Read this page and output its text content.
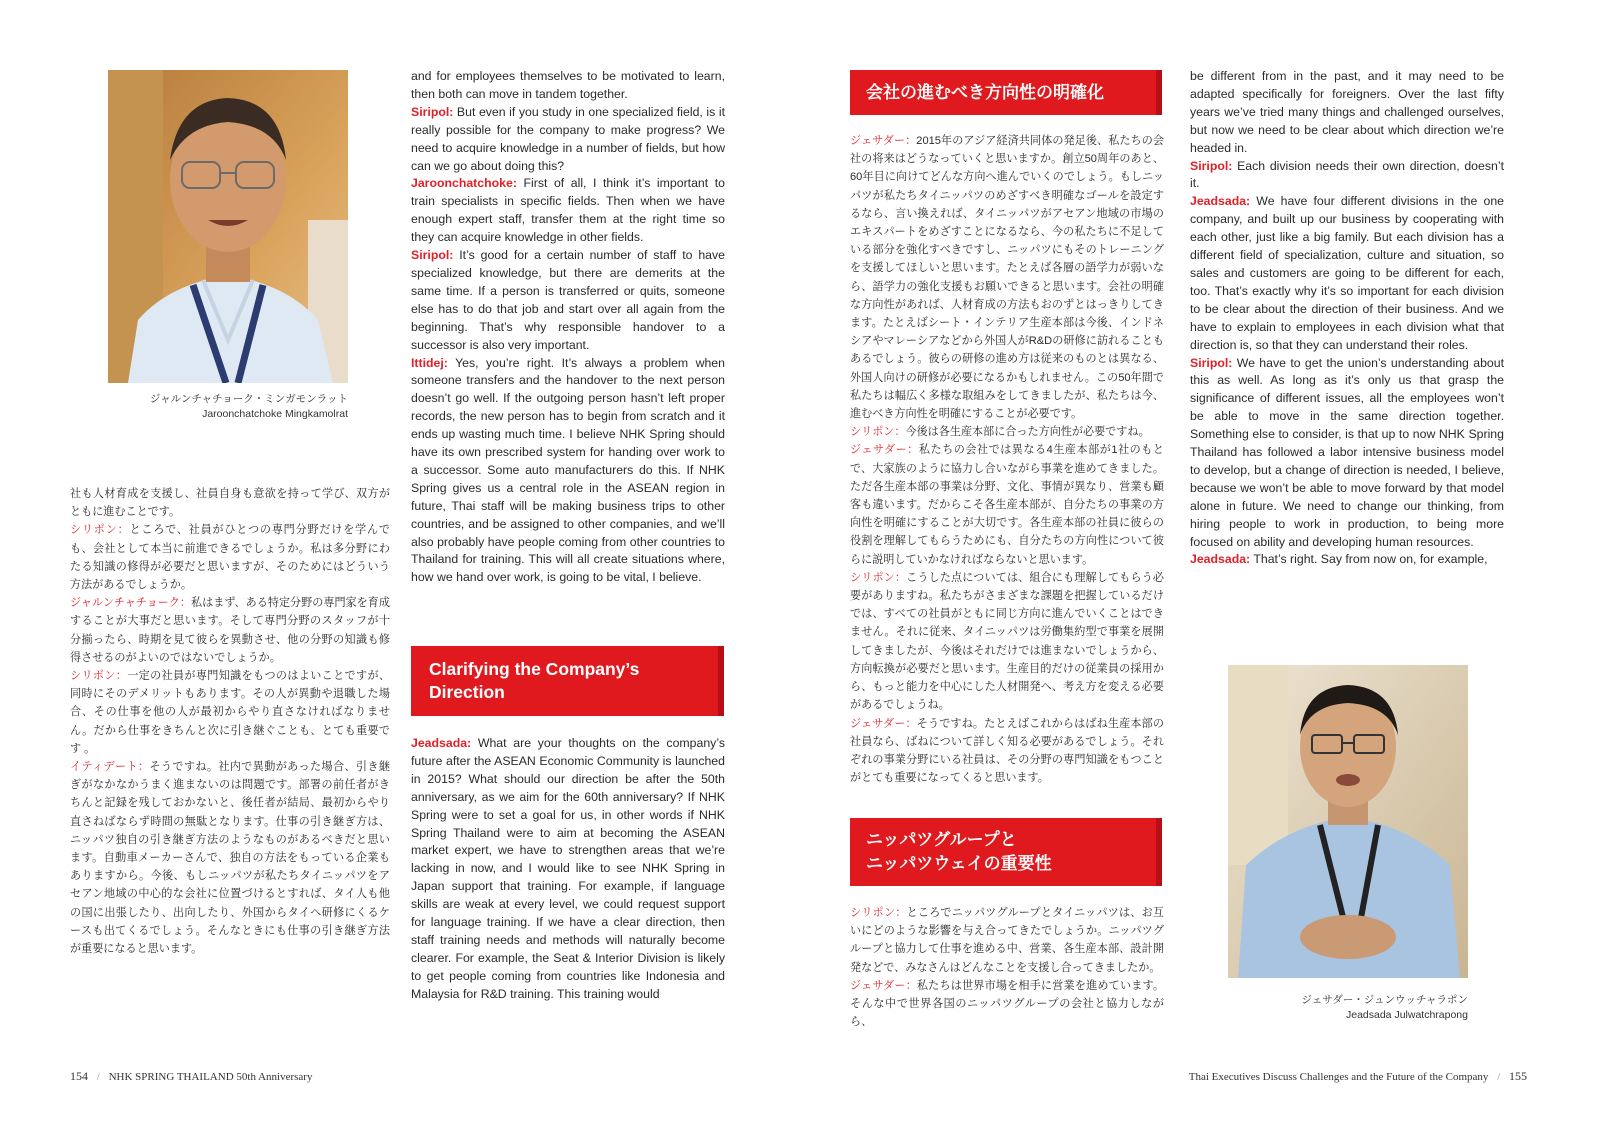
ジャルンチャチョーク・ミンガモンラット
Jaroonchatchoke Mingkamolrat

社も人材育成を支援し、社員自身も意欲を持って学び、双方がともに進むことです。

シリポン：ところで、社員がひとつの専門分野だけを学んでも、会社として本当に前進できるでしょうか。私は多分野にわたる知識の修得が必要だと思いますが、そのためにはどういう方法があるでしょうか。

ジャルンチャチョーク：私はまず、ある特定分野の専門家を育成することが大事だと思います。そして専門分野のスタッフが十分揃ったら、時期を見て彼らを異動させ、他の分野の知識も修得させるのがよいのではないでしょうか。

シリポン：一定の社員が専門知識をもつのはよいことですが、同時にそのデメリットもあります。その人が異動や退職した場合、その仕事を他の人が最初からやり直さなければなりません。だから仕事をきちんと次に引き継ぐことも、とても重要です 。

イティデート：そうですね。社内で異動があった場合、引き継ぎがなかなかうまく進まないのは問題です。部署の前任者がきちんと記録を残しておかないと、後任者が結局、最初からやり直さねばならず時間の無駄となります。仕事の引き継ぎ方は、ニッパツ独自の引き継ぎ方法のようなものがあるべきだと思います。自動車メーカーさんで、独自の方法をもっている企業もありますから。今後、もしニッパツが私たちタイニッパツをアセアン地域の中心的な会社に位置づけるとすれば、タイ人も他の国に出張したり、出向したり、外国からタイへ研修にくるケースも出てくるでしょう。そんなときにも仕事の引き継ぎ方法が重要になると思います。

and for employees themselves to be motivated to learn, then both can move in tandem together.

Siripol: But even if you study in one specialized field, is it really possible for the company to make progress? We need to acquire knowledge in a number of fields, but how can we go about doing this?

Jaroonchatchoke: First of all, I think it’s important to train specialists in specific fields. Then when we have enough expert staff, transfer them at the right time so they can acquire knowledge in other fields.

Siripol: It’s good for a certain number of staff to have specialized knowledge, but there are demerits at the same time. If a person is transferred or quits, someone else has to do that job and start over all again from the beginning. That’s why responsible handover to a successor is also very important.

Ittidej: Yes, you’re right. It’s always a problem when someone transfers and the handover to the next person doesn’t go well. If the outgoing person hasn’t left proper records, the new person has to begin from scratch and it ends up wasting much time. I believe NHK Spring should have its own prescribed system for handing over work to a successor. Some auto manufacturers do this. If NHK Spring gives us a central role in the ASEAN region in future, Thai staff will be making business trips to other countries, and be assigned to other companies, and we’ll also probably have people coming from other countries to Thailand for training. This will all create situations where, how we hand over work, is going to be vital, I believe.

Clarifying the Company’s
Direction

Jeadsada: What are your thoughts on the company’s future after the ASEAN Economic Community is launched in 2015? What should our direction be after the 50th anniversary, as we aim for the 60th anniversary? If NHK Spring were to set a goal for us, in other words if NHK Spring Thailand were to aim at becoming the ASEAN market expert, we have to strengthen areas that we’re lacking in now, and I would like to see NHK Spring in Japan support that training. For example, if language skills are weak at every level, we could request support for language training. If we have a clear direction, then staff training needs and methods will naturally become clearer. For example, the Seat & Interior Division is likely to get people coming from countries like Indonesia and Malaysia for R&D training. This training would

154 / NHK SPRING THAILAND 50th Anniversary
会社の進むべき方向性の明確化

ジェサダー：2015年のアジア経済共同体の発足後、私たちの会社の将来はどうなっていくと思いますか。創立50周年のあと、60年目に向けてどんな方向へ進んでいくのでしょう。もしニッパツが私たちタイニッパツのめざすべき明確なゴールを設定するなら、言い換えれば、タイニッパツがアセアン地域の市場のエキスパートをめざすことになるなら、今の私たちに不足している部分を強化すべきですし、ニッパツにもそのトレーニングを支援してほしいと思います。たとえば各層の語学力が弱いなら、語学力の強化支援もお願いできると思います。会社の明確な方向性があれば、人材育成の方法もおのずとはっきりしてきます。たとえばシート・インテリア生産本部は今後、インドネシアやマレーシアなどから外国人がR&Dの研修に訪れることもあるでしょう。彼らの研修の進め方は従来のものとは異なる、外国人向けの研修が必要になるかもしれません。この50年間で私たちは幅広く多様な取組みをしてきましたが、私たちは今、進むべき方向性を明確にすることが必要です。

シリポン：今後は各生産本部に合った方向性が必要ですね。

ジェサダー：私たちの会社では異なる4生産本部が1社のもとで、大家族のように協力し合いながら事業を進めてきました。ただ各生産本部の事業は分野、文化、事情が異なり、営業も顧客も違います。だからこそ各生産本部が、自分たちの事業の方向性を明確にすることが大切です。各生産本部の社員に彼らの役割を理解してもらうためにも、自分たちの方向性について彼らに説明していかなければならないと思います。

シリポン：こうした点については、組合にも理解してもらう必要がありますね。私たちがさまざまな課題を把握しているだけでは、すべての社員がともに同じ方向に進んでいくことはできません。それに従来、タイニッパツは労働集約型で事業を展開してきましたが、今後はそれだけでは進まないでしょうから、方向転換が必要だと思います。生産目的だけの従業員の採用から、もっと能力を中心にした人材開発へ、考え方を変える必要があるでしょうね。

ジェサダー：そうですね。たとえばこれからはばね生産本部の社員なら、ばねについて詳しく知る必要があるでしょう。それぞれの事業分野にいる社員は、その分野の専門知識をもつことがとても重要になってくると思います。

ニッパツグループと
ニッパツウェイの重要性

シリポン：ところでニッパツグループとタイニッパツは、お互いにどのような影響を与え合ってきたでしょうか。ニッパツグループと協力して仕事を進める中、営業、各生産本部、設計開発などで、みなさんはどんなことを支援し合ってきましたか。

ジェサダー：私たちは世界市場を相手に営業を進めています。そんな中で世界各国のニッパツグループの会社と協力しながら、

be different from in the past, and it may need to be adapted specifically for foreigners. Over the last fifty years we’ve tried many things and challenged ourselves, but now we need to be clear about which direction we’re headed in.

Siripol: Each division needs their own direction, doesn’t it.

Jeadsada: We have four different divisions in the one company, and built up our business by cooperating with each other, just like a big family. But each division has a different field of specialization, culture and situation, so sales and customers are going to be different for each, too. That’s exactly why it’s so important for each division to be clear about the direction of their business. And we have to explain to employees in each division what that direction is, so that they can understand their roles.

Siripol: We have to get the union’s understanding about this as well. As long as it’s only us that grasp the significance of different issues, all the employees won’t be able to move in the same direction together. Something else to consider, is that up to now NHK Spring Thailand has followed a labor intensive business model to develop, but a change of direction is needed, I believe, because we won’t be able to move forward by that model alone in future. We need to change our thinking, from hiring people to work in production, to being more focused on ability and developing human resources.

Jeadsada: That’s right. Say from now on, for example,

ジェサダー・ジュンウッチャラポン
Jeadsada Julwatchrapong
Thai Executives Discuss Challenges and the Future of the Company / 155
